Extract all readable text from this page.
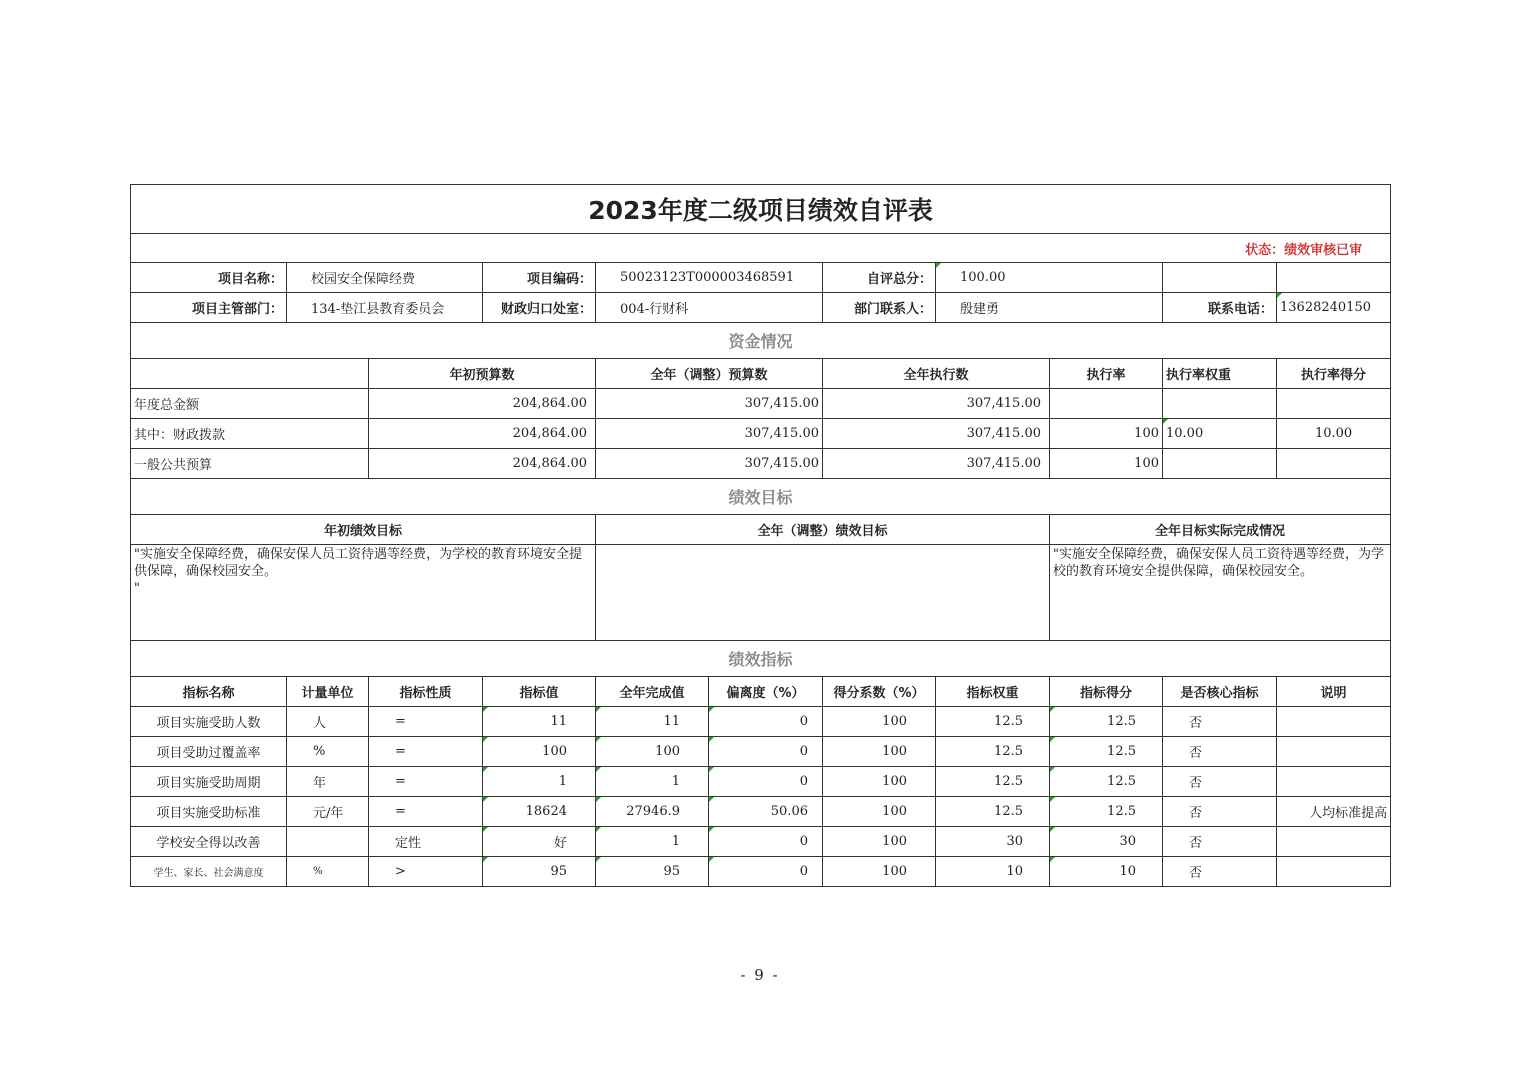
2023年度二级项目绩效自评表										
状态：绩效审核已审										
项目名称：	校园安全保障经费		项目编码：	50023123T000003468591		自评总分：	100.00			
项目主管部门：	134-垫江县教育委员会		财政归口处室：	004-行财科		部门联系人：	殷建勇		联系电话：	13628240150
资金情况										
		年初预算数		全年（调整）预算数		全年执行数		执行率	执行率权重	执行率得分
年度总金额		204,864.00		307,415.00		307,415.00				
其中：财政拨款		204,864.00		307,415.00		307,415.00		100	10.00	10.00
一般公共预算		204,864.00		307,415.00		307,415.00		100		
绩效目标										
年初绩效目标				全年（调整）绩效目标				全年目标实际完成情况		
"实施安全保障经费，确保安保人员工资待遇等经费，为学校的教育环境安全提供保障，确保校园安全。
"								"实施安全保障经费，确保安保人员工资待遇等经费，为学校的教育环境安全提供保障，确保校园安全。		
绩效指标										
指标名称	计量单位	指标性质	指标值	全年完成值	偏离度（%）	得分系数（%）	指标权重	指标得分	是否核心指标	说明
项目实施受助人数	人	=	11	11	0	100	12.5	12.5	否	
项目受助过覆盖率	%	=	100	100	0	100	12.5	12.5	否	
项目实施受助周期	年	=	1	1	0	100	12.5	12.5	否	
项目实施受助标准	元/年	=	18624	27946.9	50.06	100	12.5	12.5	否	人均标准提高
学校安全得以改善		定性	好	1	0	100	30	30	否	
学生、家长、社会满意度	%	>	95	95	0	100	10	10	否	
- 9 -
